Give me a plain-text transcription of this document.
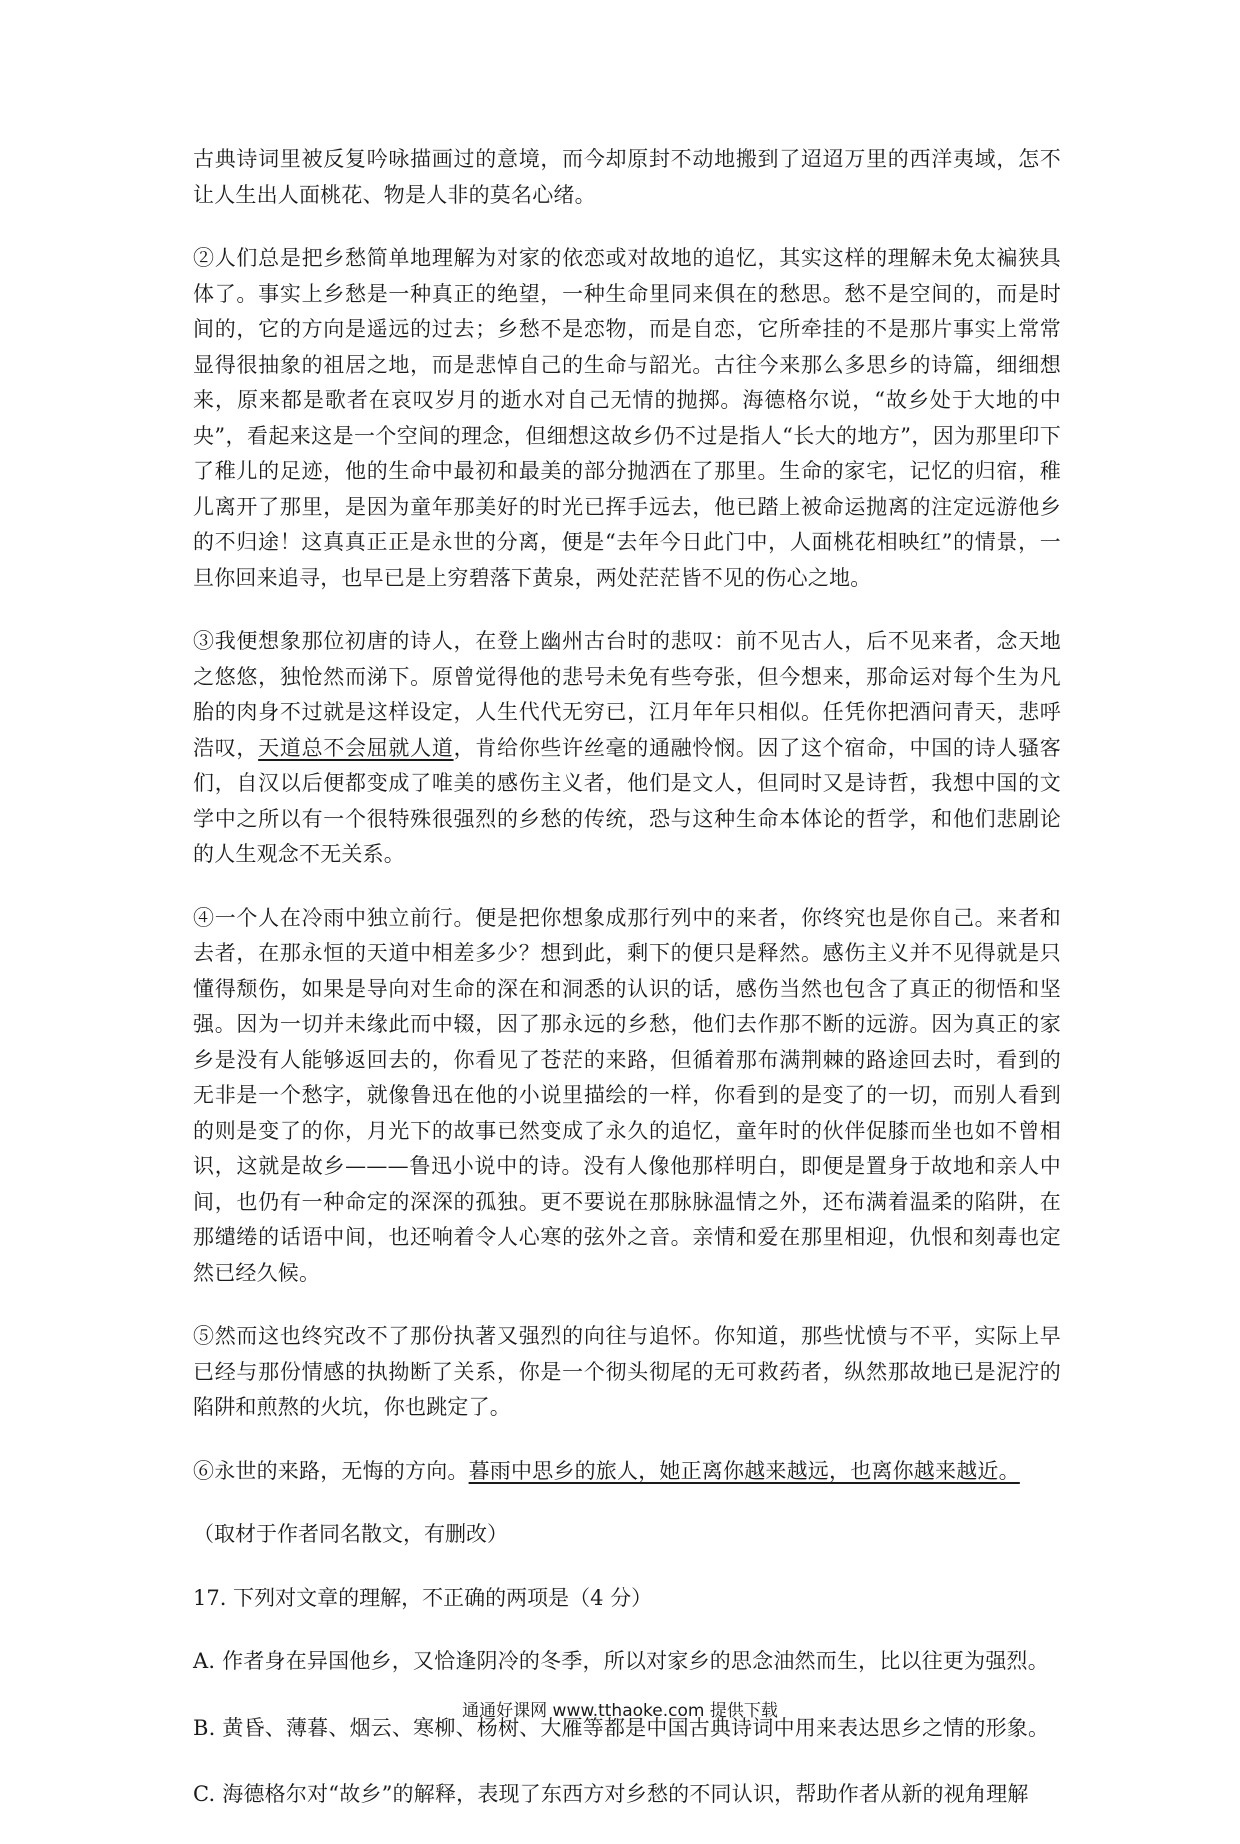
古典诗词里被反复吟咏描画过的意境，而今却原封不动地搬到了迢迢万里的西洋夷域，怎不让人生出人面桃花、物是人非的莫名心绪。

②人们总是把乡愁简单地理解为对家的依恋或对故地的追忆，其实这样的理解未免太褊狭具体了。事实上乡愁是一种真正的绝望，一种生命里同来俱在的愁思。愁不是空间的，而是时间的，它的方向是遥远的过去；乡愁不是恋物，而是自恋，它所牵挂的不是那片事实上常常显得很抽象的祖居之地，而是悲悼自己的生命与韶光。古往今来那么多思乡的诗篇，细细想来，原来都是歌者在哀叹岁月的逝水对自己无情的抛掷。海德格尔说，“故乡处于大地的中央”，看起来这是一个空间的理念，但细想这故乡仍不过是指人“长大的地方”，因为那里印下了稚儿的足迹，他的生命中最初和最美的部分抛洒在了那里。生命的家宅，记忆的归宿，稚儿离开了那里，是因为童年那美好的时光已挥手远去，他已踏上被命运抛离的注定远游他乡的不归途！这真真正正是永世的分离，便是“去年今日此门中，人面桃花相映红”的情景，一旦你回来追寻，也早已是上穷碧落下黄泉，两处茫茫皆不见的伤心之地。

③我便想象那位初唐的诗人，在登上幽州古台时的悲叹：前不见古人，后不见来者，念天地之悠悠，独怆然而涕下。原曾觉得他的悲号未免有些夸张，但今想来，那命运对每个生为凡胎的肉身不过就是这样设定，人生代代无穷已，江月年年只相似。任凭你把酒问青天，悲呼浩叹，天道总不会屈就人道，肯给你些许丝毫的通融怜悯。因了这个宿命，中国的诗人骚客们，自汉以后便都变成了唯美的感伤主义者，他们是文人，但同时又是诗哲，我想中国的文学中之所以有一个很特殊很强烈的乡愁的传统，恐与这种生命本体论的哲学，和他们悲剧论的人生观念不无关系。

④一个人在冷雨中独立前行。便是把你想象成那行列中的来者，你终究也是你自己。来者和去者，在那永恒的天道中相差多少？想到此，剩下的便只是释然。感伤主义并不见得就是只懂得颓伤，如果是导向对生命的深在和洞悉的认识的话，感伤当然也包含了真正的彻悟和坚强。因为一切并未缘此而中辍，因了那永远的乡愁，他们去作那不断的远游。因为真正的家乡是没有人能够返回去的，你看见了苍茫的来路，但循着那布满荆棘的路途回去时，看到的无非是一个愁字，就像鲁迅在他的小说里描绘的一样，你看到的是变了的一切，而别人看到的则是变了的你，月光下的故事已然变成了永久的追忆，童年时的伙伴促膝而坐也如不曾相识，这就是故乡———鲁迅小说中的诗。没有人像他那样明白，即便是置身于故地和亲人中间，也仍有一种命定的深深的孤独。更不要说在那脉脉温情之外，还布满着温柔的陷阱，在那缱绻的话语中间，也还响着令人心寒的弦外之音。亲情和爱在那里相迎，仇恨和刻毒也定然已经久候。

⑤然而这也终究改不了那份执著又强烈的向往与追怀。你知道，那些忧愤与不平，实际上早已经与那份情感的执拗断了关系，你是一个彻头彻尾的无可救药者，纵然那故地已是泥泞的陷阱和煎熬的火坑，你也跳定了。

⑥永世的来路，无悔的方向。暮雨中思乡的旅人，她正离你越来越远，也离你越来越近。

（取材于作者同名散文，有删改）

17. 下列对文章的理解，不正确的两项是（4 分）

A. 作者身在异国他乡，又恰逢阴冷的冬季，所以对家乡的思念油然而生，比以往更为强烈。

B. 黄昏、薄暮、烟云、寒柳、杨树、大雁等都是中国古典诗词中用来表达思乡之情的形象。

C. 海德格尔对“故乡”的解释，表现了东西方对乡愁的不同认识，帮助作者从新的视角理解

通通好课网 www.tthaoke.com 提供下载
